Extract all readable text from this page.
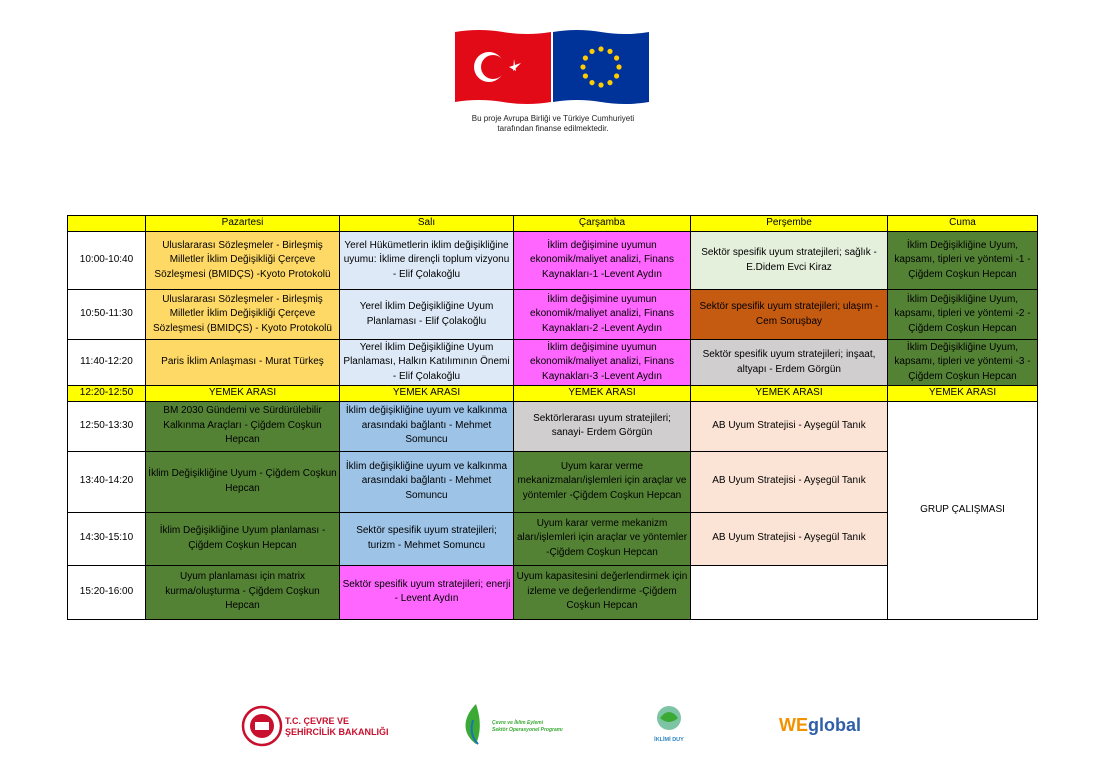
Bu proje Avrupa Birliği ve Türkiye Cumhuriyeti
tarafından finanse edilmektedir.
	Pazartesi	Salı	Çarşamba	Perşembe	Cuma
10:00-10:40	Uluslararası Sözleşmeler - Birleşmiş Milletler İklim Değişikliği Çerçeve Sözleşmesi (BMIDÇS) -Kyoto Protokolü	Yerel Hükümetlerin iklim değişikliğine uyumu: İklime dirençli toplum vizyonu - Elif Çolakoğlu	İklim değişimine uyumun ekonomik/maliyet analizi, Finans Kaynakları-1 -Levent Aydın	Sektör spesifik uyum stratejileri; sağlık - E.Didem Evci Kiraz	İklim Değişikliğine Uyum, kapsamı, tipleri ve yöntemi -1 - Çiğdem Coşkun Hepcan
10:50-11:30	Uluslararası Sözleşmeler - Birleşmiş Milletler İklim Değişikliği Çerçeve Sözleşmesi (BMIDÇS) - Kyoto Protokolü	Yerel İklim Değişikliğine Uyum Planlaması - Elif Çolakoğlu	İklim değişimine uyumun ekonomik/maliyet analizi, Finans Kaynakları-2 -Levent Aydın	Sektör spesifik uyum stratejileri; ulaşım - Cem Soruşbay	İklim Değişikliğine Uyum, kapsamı, tipleri ve yöntemi -2 - Çiğdem Coşkun Hepcan
11:40-12:20	Paris İklim Anlaşması - Murat Türkeş	Yerel İklim Değişikliğine Uyum Planlaması, Halkın Katılımının Önemi - Elif Çolakoğlu	İklim değişimine uyumun ekonomik/maliyet analizi, Finans Kaynakları-3 -Levent Aydın	Sektör spesifik uyum stratejileri; inşaat, altyapı - Erdem Görgün	İklim Değişikliğine Uyum, kapsamı, tipleri ve yöntemi -3 - Çiğdem Coşkun Hepcan
12:20-12:50	YEMEK ARASI	YEMEK ARASI	YEMEK ARASI	YEMEK ARASI	YEMEK ARASI
12:50-13:30	BM 2030 Gündemi ve Sürdürülebilir Kalkınma Araçları - Çiğdem Coşkun Hepcan	İklim değişikliğine uyum ve kalkınma arasındaki bağlantı - Mehmet Somuncu	Sektörlerarası uyum stratejileri; sanayi- Erdem Görgün	AB Uyum Stratejisi - Ayşegül Tanık	GRUP ÇALIŞMASI
13:40-14:20	İklim Değişikliğine Uyum - Çiğdem Coşkun Hepcan	İklim değişikliğine uyum ve kalkınma arasındaki bağlantı - Mehmet Somuncu	Uyum karar verme mekanizmaları/işlemleri için araçlar ve yöntemler -Çiğdem Coşkun Hepcan	AB Uyum Stratejisi - Ayşegül Tanık	
14:30-15:10	İklim Değişikliğine Uyum planlaması - Çiğdem Coşkun Hepcan	Sektör spesifik uyum stratejileri; turizm - Mehmet Somuncu	Uyum karar verme mekanizm aları/işlemleri için araçlar ve yöntemler -Çiğdem Coşkun Hepcan	AB Uyum Stratejisi - Ayşegül Tanık	
15:20-16:00	Uyum planlaması için matrix kurma/oluşturma - Çiğdem Coşkun Hepcan	Sektör spesifik uyum stratejileri; enerji - Levent Aydın	Uyum kapasitesini değerlendirmek için izleme ve değerlendirme -Çiğdem Coşkun Hepcan		
T.C. ÇEVRE VE
ŞEHİRCİLİK BAKANLIĞI
Çevre ve İklim Eylemi
Sektör Operasyonel Programı
İKLİMİ DUY
WEglobal
